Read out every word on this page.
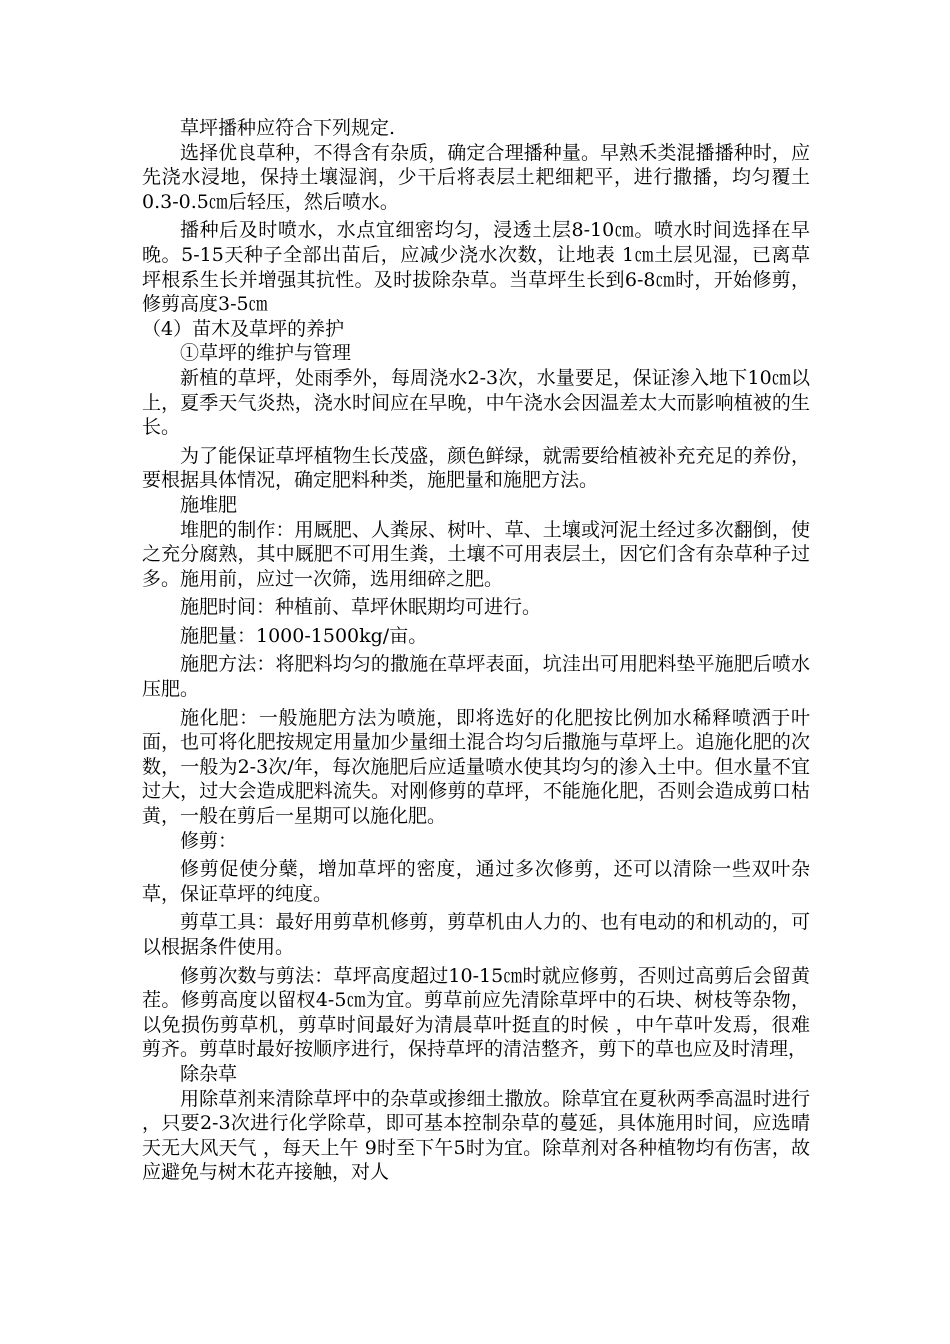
草坪播种应符合下列规定.

选择优良草种，不得含有杂质，确定合理播种量。早熟禾类混播播种时，应先浇水浸地，保持土壤湿润，少干后将表层土耙细耙平，进行撒播，均匀覆土 0.3-0.5㎝后轻压，然后喷水。

播种后及时喷水，水点宜细密均匀，浸透土层8-10㎝。喷水时间选择在早晚。5-15天种子全部出苗后，应减少浇水次数，让地表 1㎝土层见湿，已离草坪根系生长并增强其抗性。及时拔除杂草。当草坪生长到6-8㎝时，开始修剪，修剪高度3-5㎝

（4）苗木及草坪的养护

①草坪的维护与管理

新植的草坪，处雨季外，每周浇水2-3次，水量要足，保证渗入地下10㎝以上，夏季天气炎热，浇水时间应在早晚，中午浇水会因温差太大而影响植被的生长。

为了能保证草坪植物生长茂盛，颜色鲜绿，就需要给植被补充充足的养份，要根据具体情况，确定肥料种类，施肥量和施肥方法。

施堆肥

堆肥的制作：用厩肥、人粪尿、树叶、草、土壤或河泥土经过多次翻倒，使之充分腐熟，其中厩肥不可用生粪，土壤不可用表层土，因它们含有杂草种子过多。施用前，应过一次筛，选用细碎之肥。

施肥时间：种植前、草坪休眠期均可进行。

施肥量：1000-1500kg/亩。

施肥方法：将肥料均匀的撒施在草坪表面，坑洼出可用肥料垫平施肥后喷水压肥。

施化肥：一般施肥方法为喷施，即将选好的化肥按比例加水稀释喷洒于叶面，也可将化肥按规定用量加少量细土混合均匀后撒施与草坪上。追施化肥的次数，一般为2-3次/年，每次施肥后应适量喷水使其均匀的渗入土中。但水量不宜过大，过大会造成肥料流失。对刚修剪的草坪，不能施化肥，否则会造成剪口枯黄，一般在剪后一星期可以施化肥。

修剪：

修剪促使分蘖，增加草坪的密度，通过多次修剪，还可以清除一些双叶杂草，保证草坪的纯度。

剪草工具：最好用剪草机修剪，剪草机由人力的、也有电动的和机动的，可以根据条件使用。

修剪次数与剪法：草坪高度超过10-15㎝时就应修剪，否则过高剪后会留黄茬。修剪高度以留杈4-5㎝为宜。剪草前应先清除草坪中的石块、树枝等杂物，以免损伤剪草机，剪草时间最好为清晨草叶挺直的时候 ，中午草叶发焉，很难剪齐。剪草时最好按顺序进行，保持草坪的清洁整齐，剪下的草也应及时清理，

除杂草

用除草剂来清除草坪中的杂草或掺细土撒放。除草宜在夏秋两季高温时进行 ，只要2-3次进行化学除草，即可基本控制杂草的蔓延，具体施用时间，应选晴天无大风天气 ，每天上午 9时至下午5时为宜。除草剂对各种植物均有伤害，故应避免与树木花卉接触，对人
